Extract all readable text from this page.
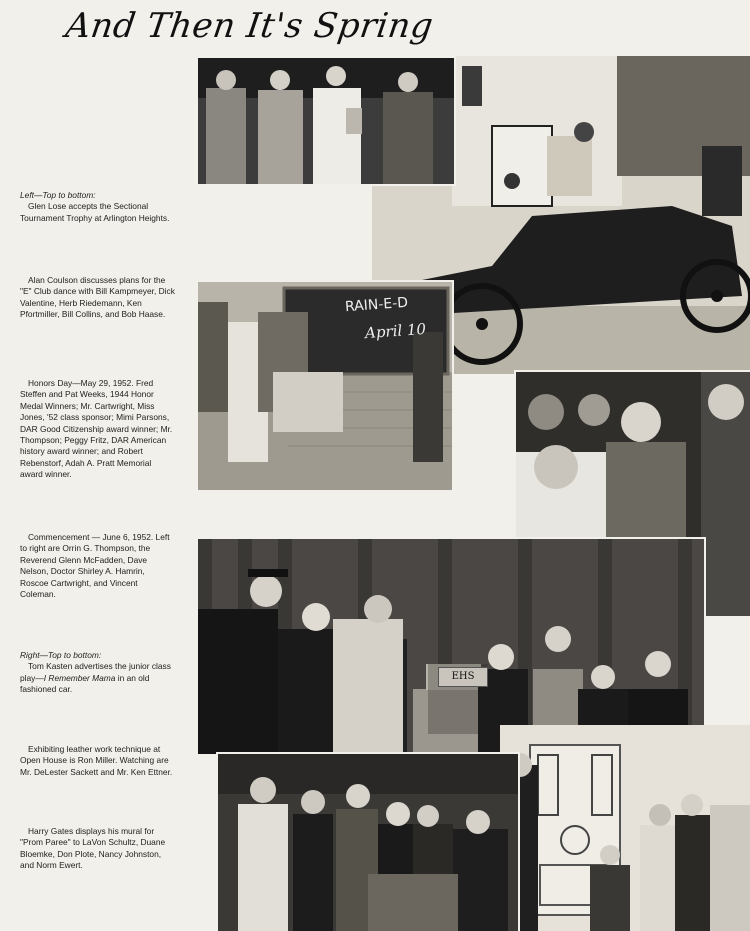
And Then It's Spring

Left—Top to bottom:

Glen Lose accepts the Sectional Tournament Trophy at Arlington Heights.

Alan Coulson discusses plans for the "E" Club dance with Bill Kampmeyer, Dick Valentine, Herb Riedemann, Ken Pfortmiller, Bill Collins, and Bob Haase.

Honors Day—May 29, 1952. Fred Steffen and Pat Weeks, 1944 Honor Medal Winners; Mr. Cartwright, Miss Jones, '52 class sponsor; Mimi Parsons, DAR Good Citizenship award winner; Mr. Thompson; Peggy Fritz, DAR American history award winner; and Robert Rebenstorf, Adah A. Pratt Memorial award winner.

Commencement — June 6, 1952. Left to right are Orrin G. Thompson, the Reverend Glenn McFadden, Dave Nelson, Doctor Shirley A. Hamrin, Roscoe Cartwright, and Vincent Coleman.

Right—Top to bottom:

Tom Kasten advertises the junior class play—I Remember Mama in an old fashioned car.

Exhibiting leather work technique at Open House is Ron Miller. Watching are Mr. DeLester Sackett and Mr. Ken Ettner.

Harry Gates displays his mural for "Prom Paree" to LaVon Schultz, Duane Bloemke, Don Plote, Nancy Johnston, and Norm Ewert.

RAIN-E-D
April 10
EHS
